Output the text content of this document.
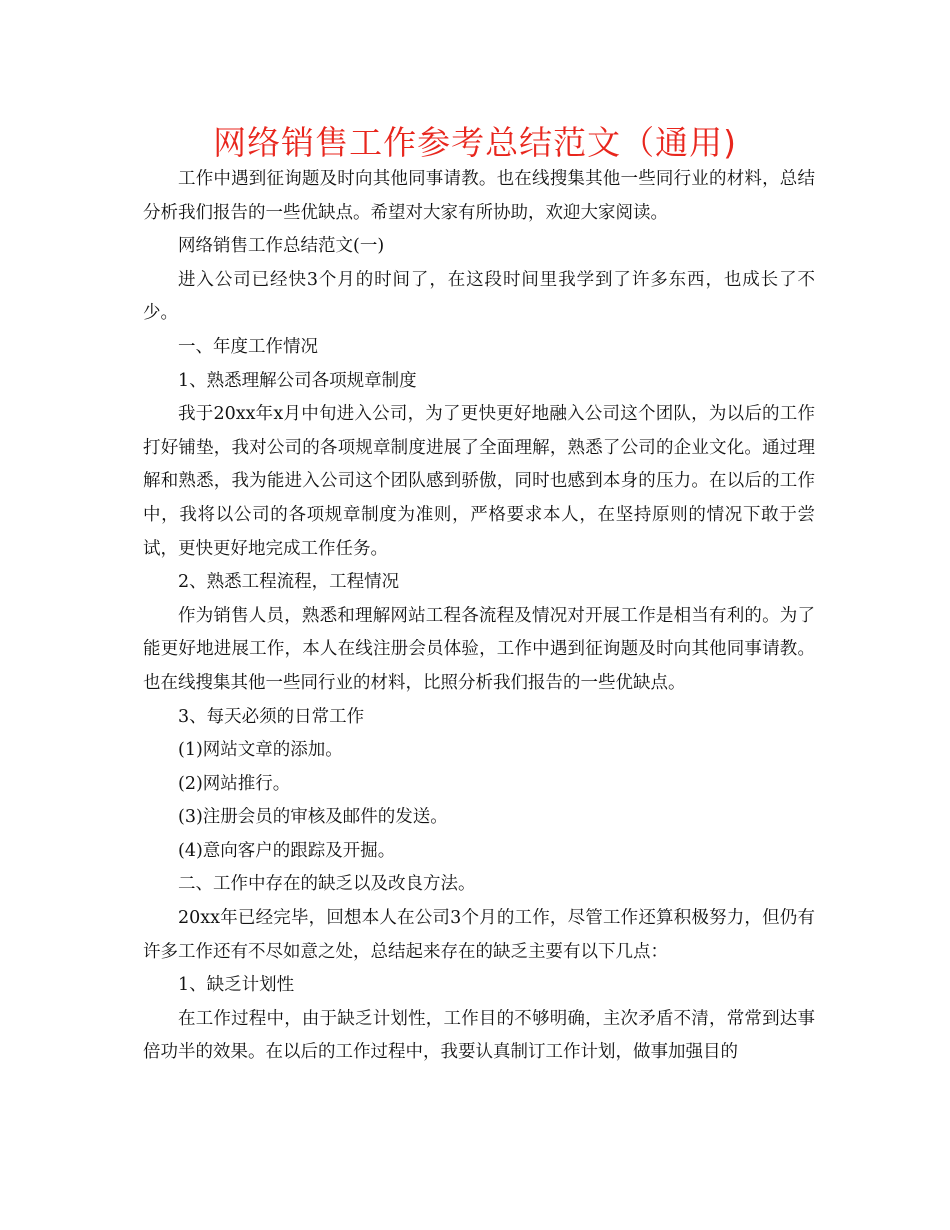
网络销售工作参考总结范文（通用)

工作中遇到征询题及时向其他同事请教。也在线搜集其他一些同行业的材料，总结分析我们报告的一些优缺点。希望对大家有所协助，欢迎大家阅读。

网络销售工作总结范文(一)

进入公司已经快3个月的时间了，在这段时间里我学到了许多东西，也成长了不少。

一、年度工作情况

1、熟悉理解公司各项规章制度

我于20xx年x月中旬进入公司，为了更快更好地融入公司这个团队，为以后的工作打好铺垫，我对公司的各项规章制度进展了全面理解，熟悉了公司的企业文化。通过理解和熟悉，我为能进入公司这个团队感到骄傲，同时也感到本身的压力。在以后的工作中，我将以公司的各项规章制度为准则，严格要求本人，在坚持原则的情况下敢于尝试，更快更好地完成工作任务。

2、熟悉工程流程，工程情况

作为销售人员，熟悉和理解网站工程各流程及情况对开展工作是相当有利的。为了能更好地进展工作，本人在线注册会员体验，工作中遇到征询题及时向其他同事请教。也在线搜集其他一些同行业的材料，比照分析我们报告的一些优缺点。

3、每天必须的日常工作

(1)网站文章的添加。

(2)网站推行。

(3)注册会员的审核及邮件的发送。

(4)意向客户的跟踪及开掘。

二、工作中存在的缺乏以及改良方法。

20xx年已经完毕，回想本人在公司3个月的工作，尽管工作还算积极努力，但仍有许多工作还有不尽如意之处，总结起来存在的缺乏主要有以下几点：

1、缺乏计划性

在工作过程中，由于缺乏计划性，工作目的不够明确，主次矛盾不清，常常到达事倍功半的效果。在以后的工作过程中，我要认真制订工作计划，做事加强目的
